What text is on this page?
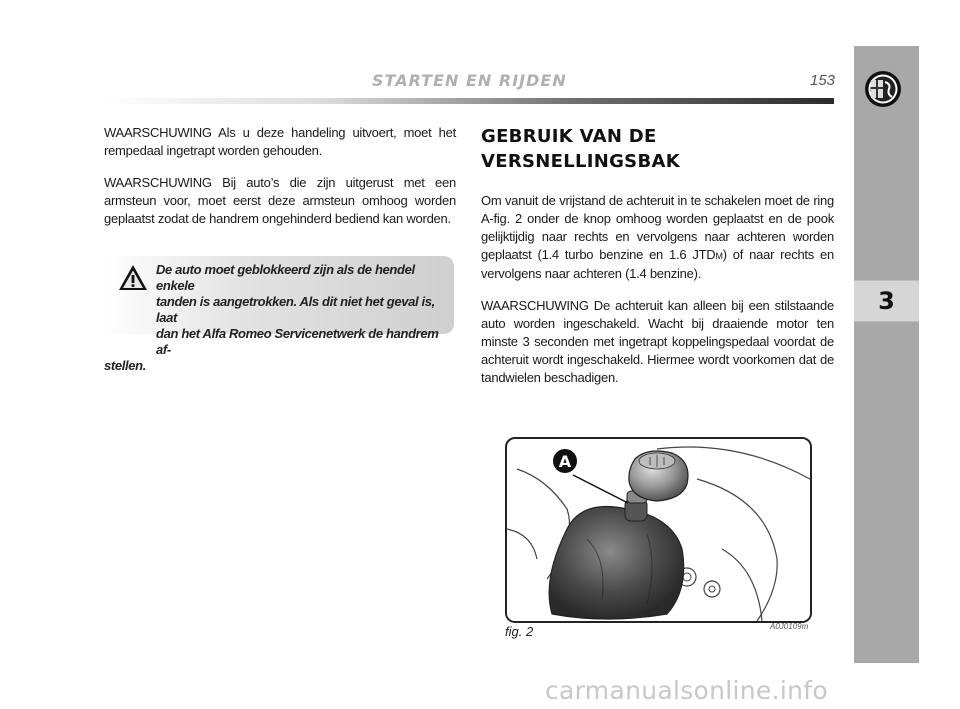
STARTEN EN RIJDEN	153
3

WAARSCHUWING Als u deze handeling uitvoert, moet het rempedaal ingetrapt worden gehouden.

WAARSCHUWING Bij auto’s die zijn uitgerust met een armsteun voor, moet eerst deze armsteun omhoog worden geplaatst zodat de handrem ongehinderd bediend kan worden.

De auto moet geblokkeerd zijn als de hendel enkele
tanden is aangetrokken. Als dit niet het geval is, laat
dan het Alfa Romeo Servicenetwerk de handrem af-
stellen.
GEBRUIK VAN DE
VERSNELLINGSBAK

Om vanuit de vrijstand de achteruit in te schakelen moet de ring A-fig. 2 onder de knop omhoog worden geplaatst en de pook gelijktijdig naar rechts en vervolgens naar achteren worden geplaatst (1.4 turbo benzine en 1.6 JTDM) of naar rechts en vervolgens naar achteren (1.4 benzine).

WAARSCHUWING De achteruit kan alleen bij een stilstaande auto worden ingeschakeld. Wacht bij draaiende motor ten minste 3 seconden met ingetrapt koppelingspedaal voordat de achteruit wordt ingeschakeld. Hiermee wordt voorkomen dat de tandwielen beschadigen.

A
fig. 2	A0J0109m
carmanualsonline.info
